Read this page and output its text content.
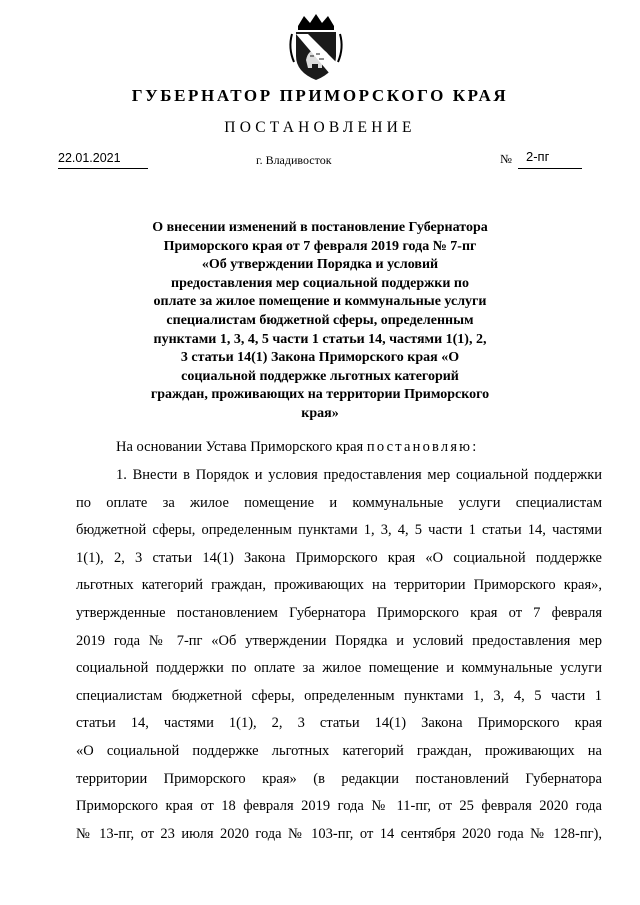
ГУБЕРНАТОР ПРИМОРСКОГО КРАЯ
ПОСТАНОВЛЕНИЕ
22.01.2021	г. Владивосток	№ 2-пг
О внесении изменений в постановление Губернатора
Приморского края от 7 февраля 2019 года № 7-пг
«Об утверждении Порядка и условий
предоставления мер социальной поддержки по
оплате за жилое помещение и коммунальные услуги
специалистам бюджетной сферы, определенным
пунктами 1, 3, 4, 5 части 1 статьи 14, частями 1(1), 2,
3 статьи 14(1) Закона Приморского края «О
социальной поддержке льготных категорий
граждан, проживающих на территории Приморского
края»
На основании Устава Приморского края постановляю:
1. Внести в Порядок и условия предоставления мер социальной поддержки
по оплате за жилое помещение и коммунальные услуги специалистам
бюджетной сферы, определенным пунктами 1, 3, 4, 5 части 1 статьи 14, частями
1(1), 2, 3 статьи 14(1) Закона Приморского края «О социальной поддержке
льготных категорий граждан, проживающих на территории Приморского края»,
утвержденные постановлением Губернатора Приморского края от 7 февраля
2019 года № 7-пг «Об утверждении Порядка и условий предоставления мер
социальной поддержки по оплате за жилое помещение и коммунальные услуги
специалистам бюджетной сферы, определенным пунктами 1, 3, 4, 5 части 1
статьи 14, частями 1(1), 2, 3 статьи 14(1) Закона Приморского края
«О социальной поддержке льготных категорий граждан, проживающих на
территории Приморского края» (в редакции постановлений Губернатора
Приморского края от 18 февраля 2019 года № 11-пг, от 25 февраля 2020 года
№ 13-пг, от 23 июля 2020 года № 103-пг, от 14 сентября 2020 года № 128-пг),
